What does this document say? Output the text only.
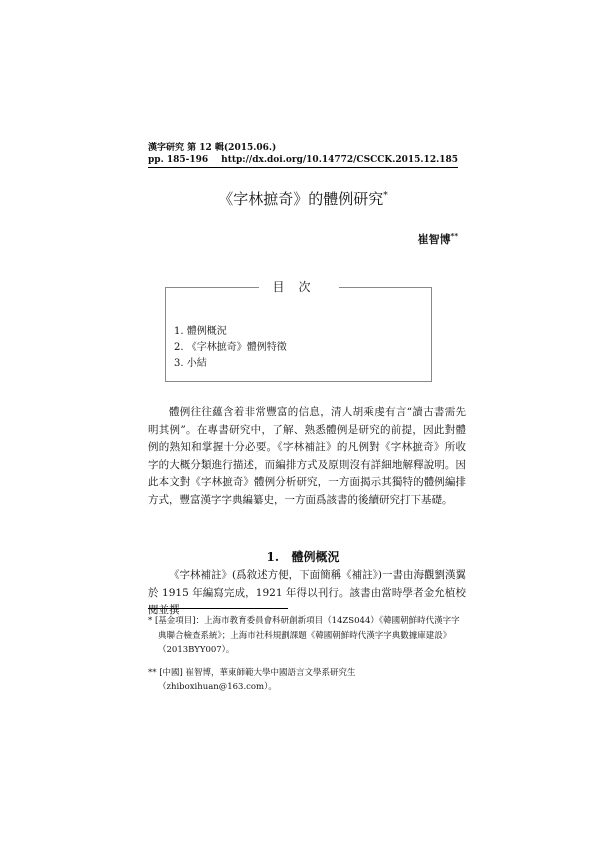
漢字研究 第 12 輯(2015.06.)
pp. 185-196 http://dx.doi.org/10.14772/CSCCK.2015.12.185
《字林摭奇》的體例研究*
崔智博**
目次
1. 體例概況
2. 《字林摭奇》體例特徵
3. 小結

體例往往蘊含着非常豐富的信息，清人胡乘虔有言“讀古書需先明其例”。在專書研究中，了解、熟悉體例是研究的前提，因此對體例的熟知和掌握十分必要。《字林補註》的凡例對《字林摭奇》所收字的大概分類進行描述，而編排方式及原則沒有詳細地解釋說明。因此本文對《字林摭奇》體例分析研究，一方面揭示其獨特的體例編排方式，豐富漢字字典編纂史，一方面爲該書的後續研究打下基礎。

1.   體例概況

《字林補註》(爲敘述方便，下面簡稱《補註》)一書由海觀劉漢翼於 1915 年編寫完成，1921 年得以刊行。該書由當時學者金允植校閱並撰

* [基金項目]：上海市教育委員會科研創新項目（14ZS044）《韓國朝鮮時代漢字字典聯合檢查系統》；上海市社科規劃課題《韓國朝鮮時代漢字字典數據庫建設》（2013BYY007）。

** [中國] 崔智博，華東師範大學中國語言文學系研究生（zhiboxihuan@163.com）。
